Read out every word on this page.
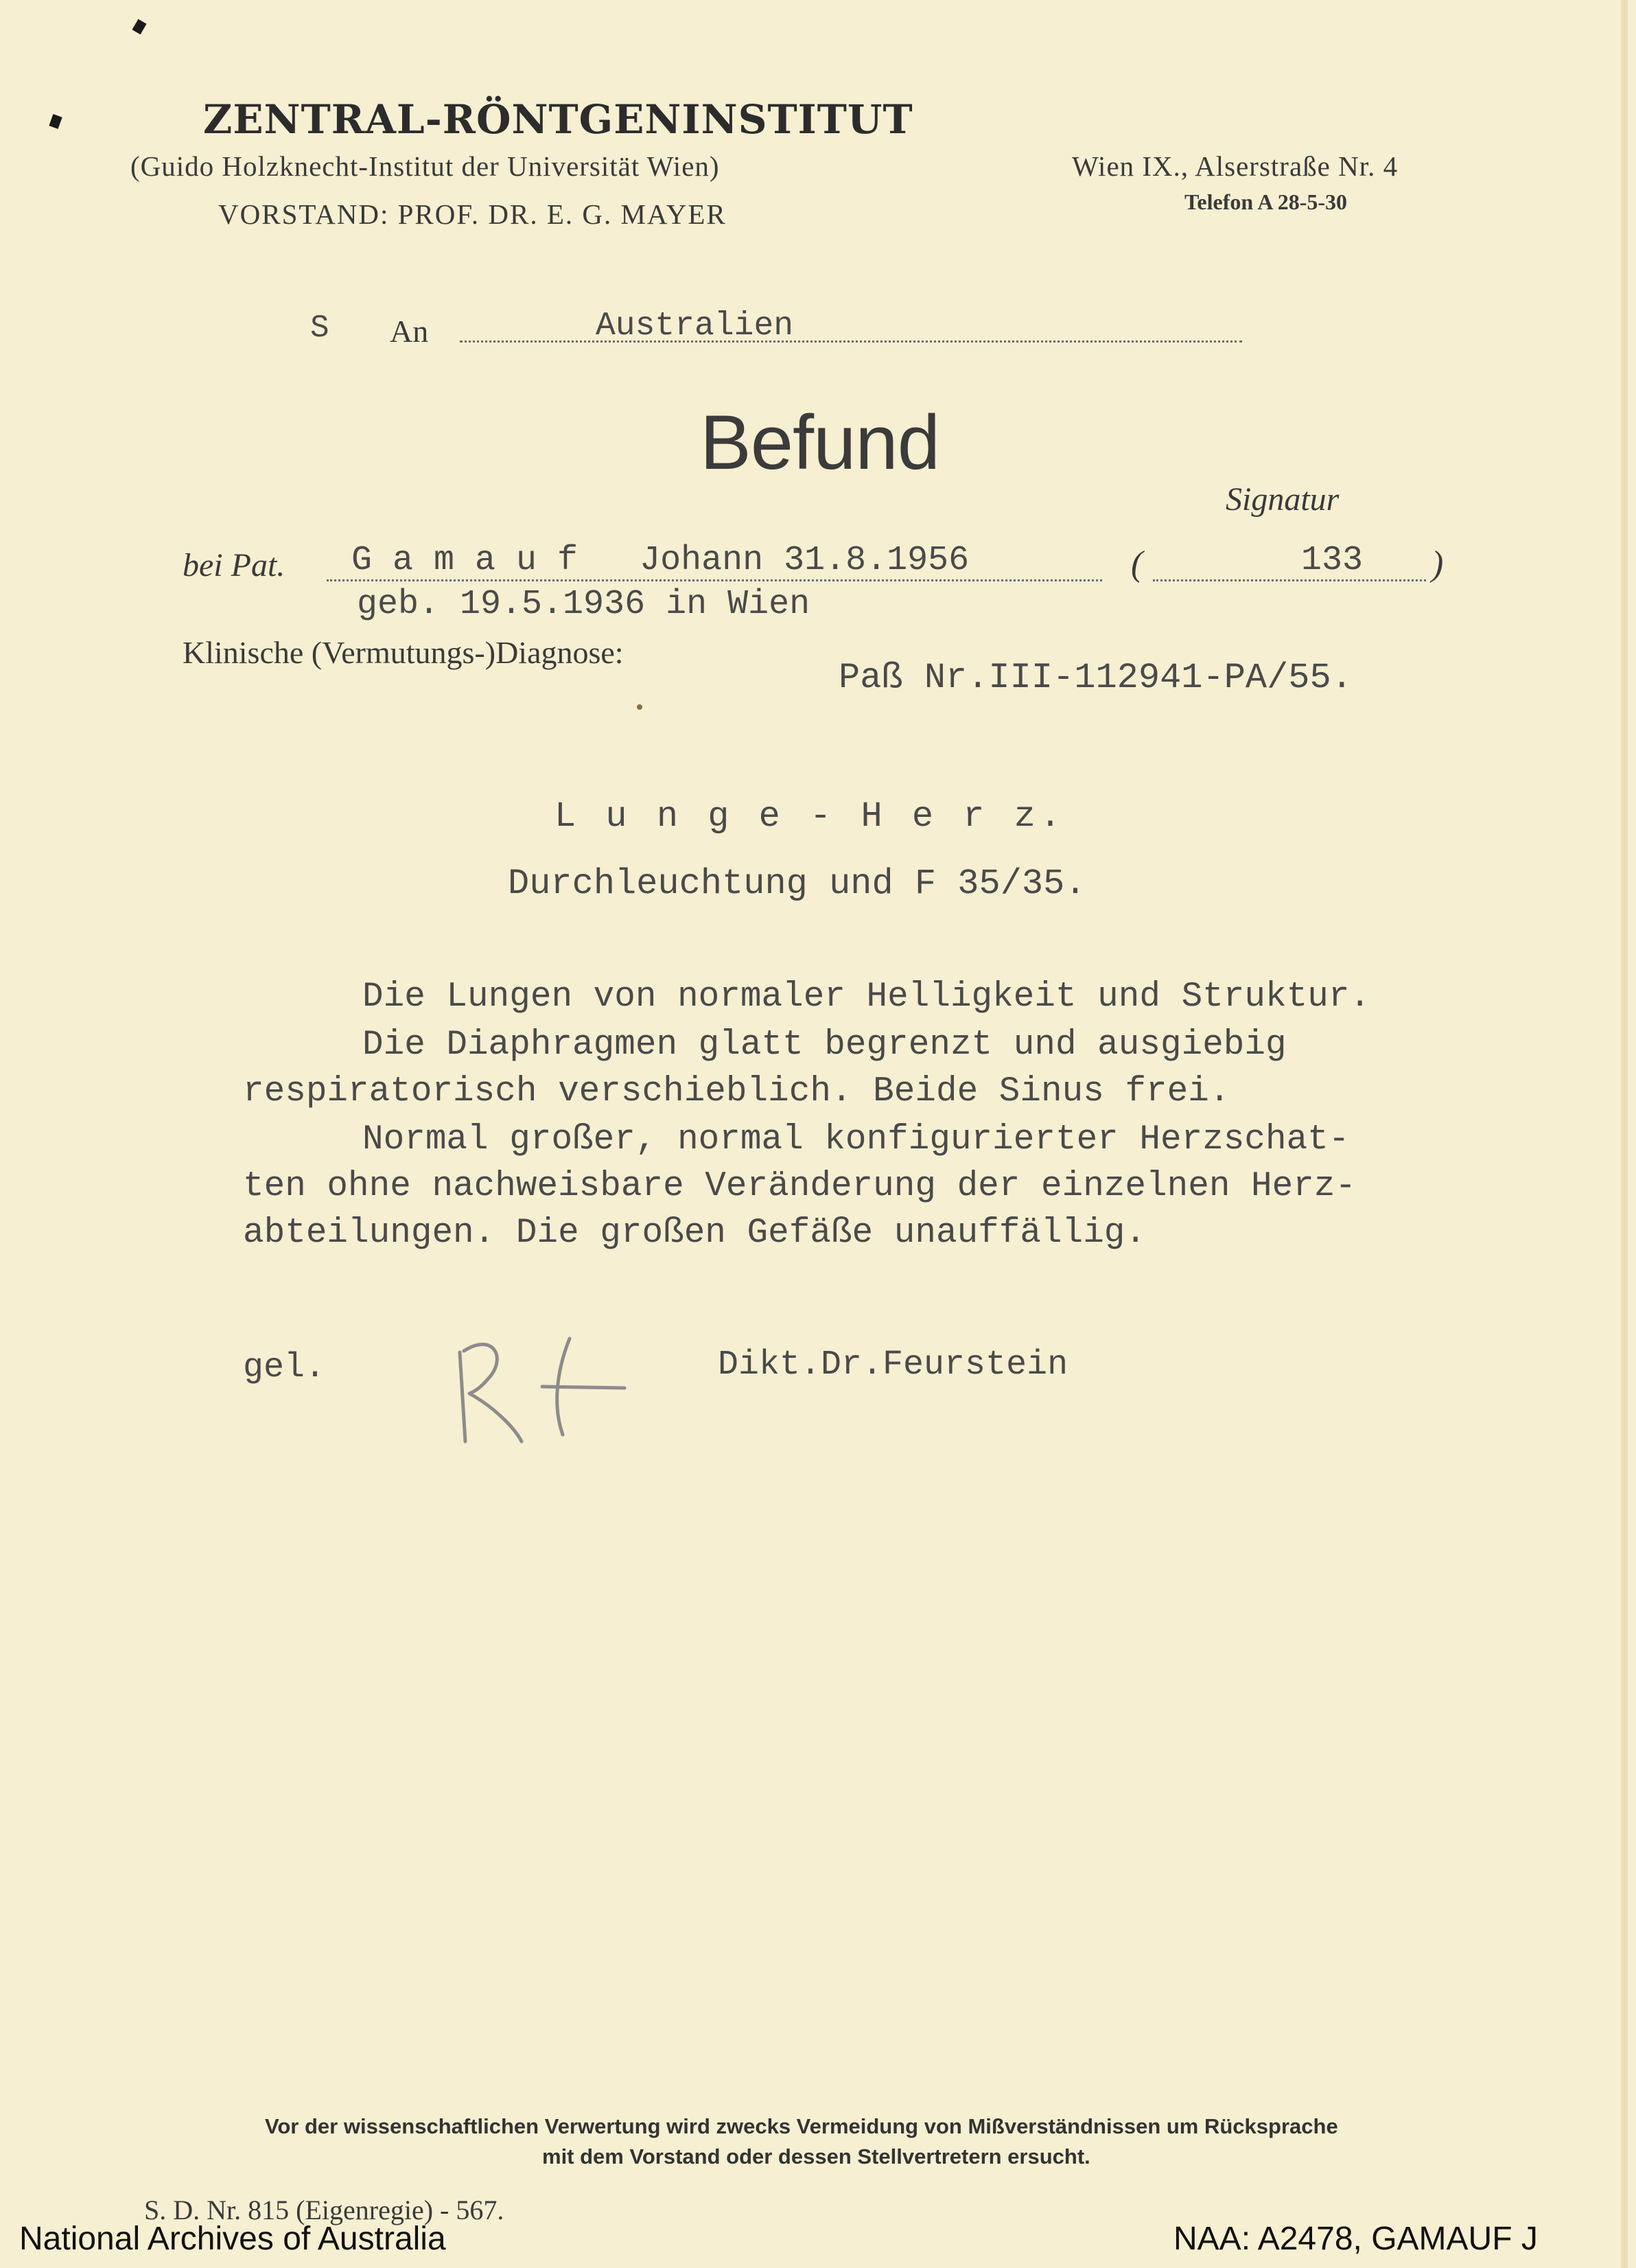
ZENTRAL-RÖNTGENINSTITUT
(Guido Holzknecht-Institut der Universität Wien)
VORSTAND: PROF. DR. E. G. MAYER
Wien IX., Alserstraße Nr. 4
Telefon A 28-5-30
S An	Australien
Befund
Signatur
bei Pat. G a m a u f   Johann 31.8.1956	(	133 )
geb. 19.5.1936 in Wien
Klinische (Vermutungs-)Diagnose:
Paß Nr.III-112941-PA/55.
L u n g e - H e r z.
Durchleuchtung und F 35/35.
Die Lungen von normaler Helligkeit und Struktur.
Die Diaphragmen glatt begrenzt und ausgiebig
respiratorisch verschieblich. Beide Sinus frei.
Normal großer, normal konfigurierter Herzschat-
ten ohne nachweisbare Veränderung der einzelnen Herz-
abteilungen. Die großen Gefäße unauffällig.
gel.	Dikt.Dr.Feurstein
Vor der wissenschaftlichen Verwertung wird zwecks Vermeidung von Mißverständnissen um Rücksprache
mit dem Vorstand oder dessen Stellvertretern ersucht.
S. D. Nr. 815 (Eigenregie) - 567.
National Archives of Australia	NAA: A2478, GAMAUF J
